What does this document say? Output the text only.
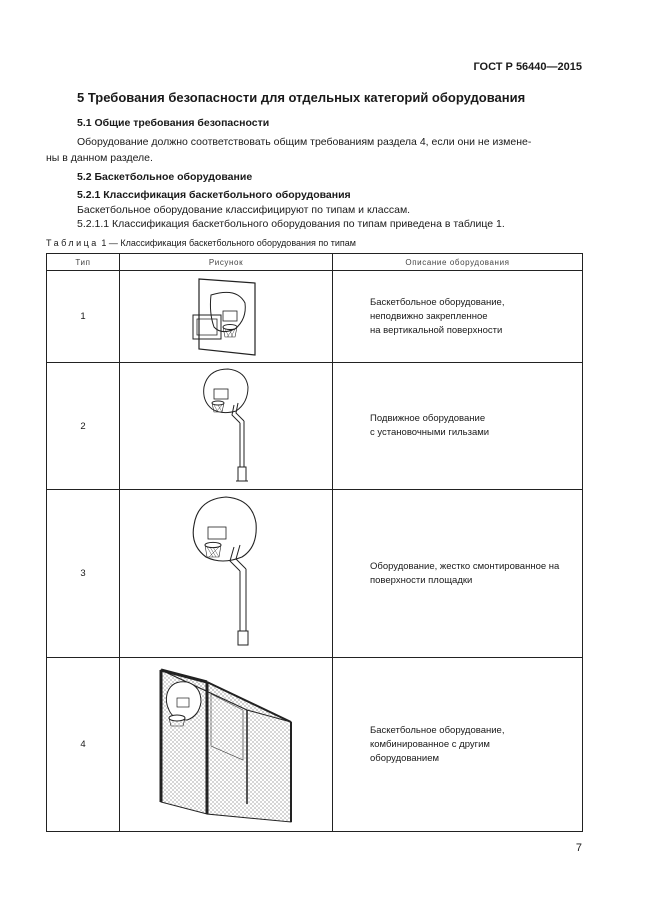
ГОСТ Р 56440—2015
5 Требования безопасности для отдельных категорий оборудования
5.1 Общие требования безопасности
Оборудование должно соответствовать общим требованиям раздела 4, если они не измене-
ны в данном разделе.
5.2 Баскетбольное оборудование
5.2.1 Классификация баскетбольного оборудования
Баскетбольное оборудование классифицируют по типам и классам.
5.2.1.1 Классификация баскетбольного оборудования по типам приведена в таблице 1.
Таблица 1 — Классификация баскетбольного оборудования по типам
Тип	Рисунок	Описание оборудования
1		Баскетбольное оборудование,
неподвижно закрепленное
на вертикальной поверхности

2		Подвижное оборудование
с установочными гильзами

3		Оборудование, жестко смонтированное на
поверхности площадки

4		Баскетбольное оборудование,
комбинированное с другим
оборудованием
7
